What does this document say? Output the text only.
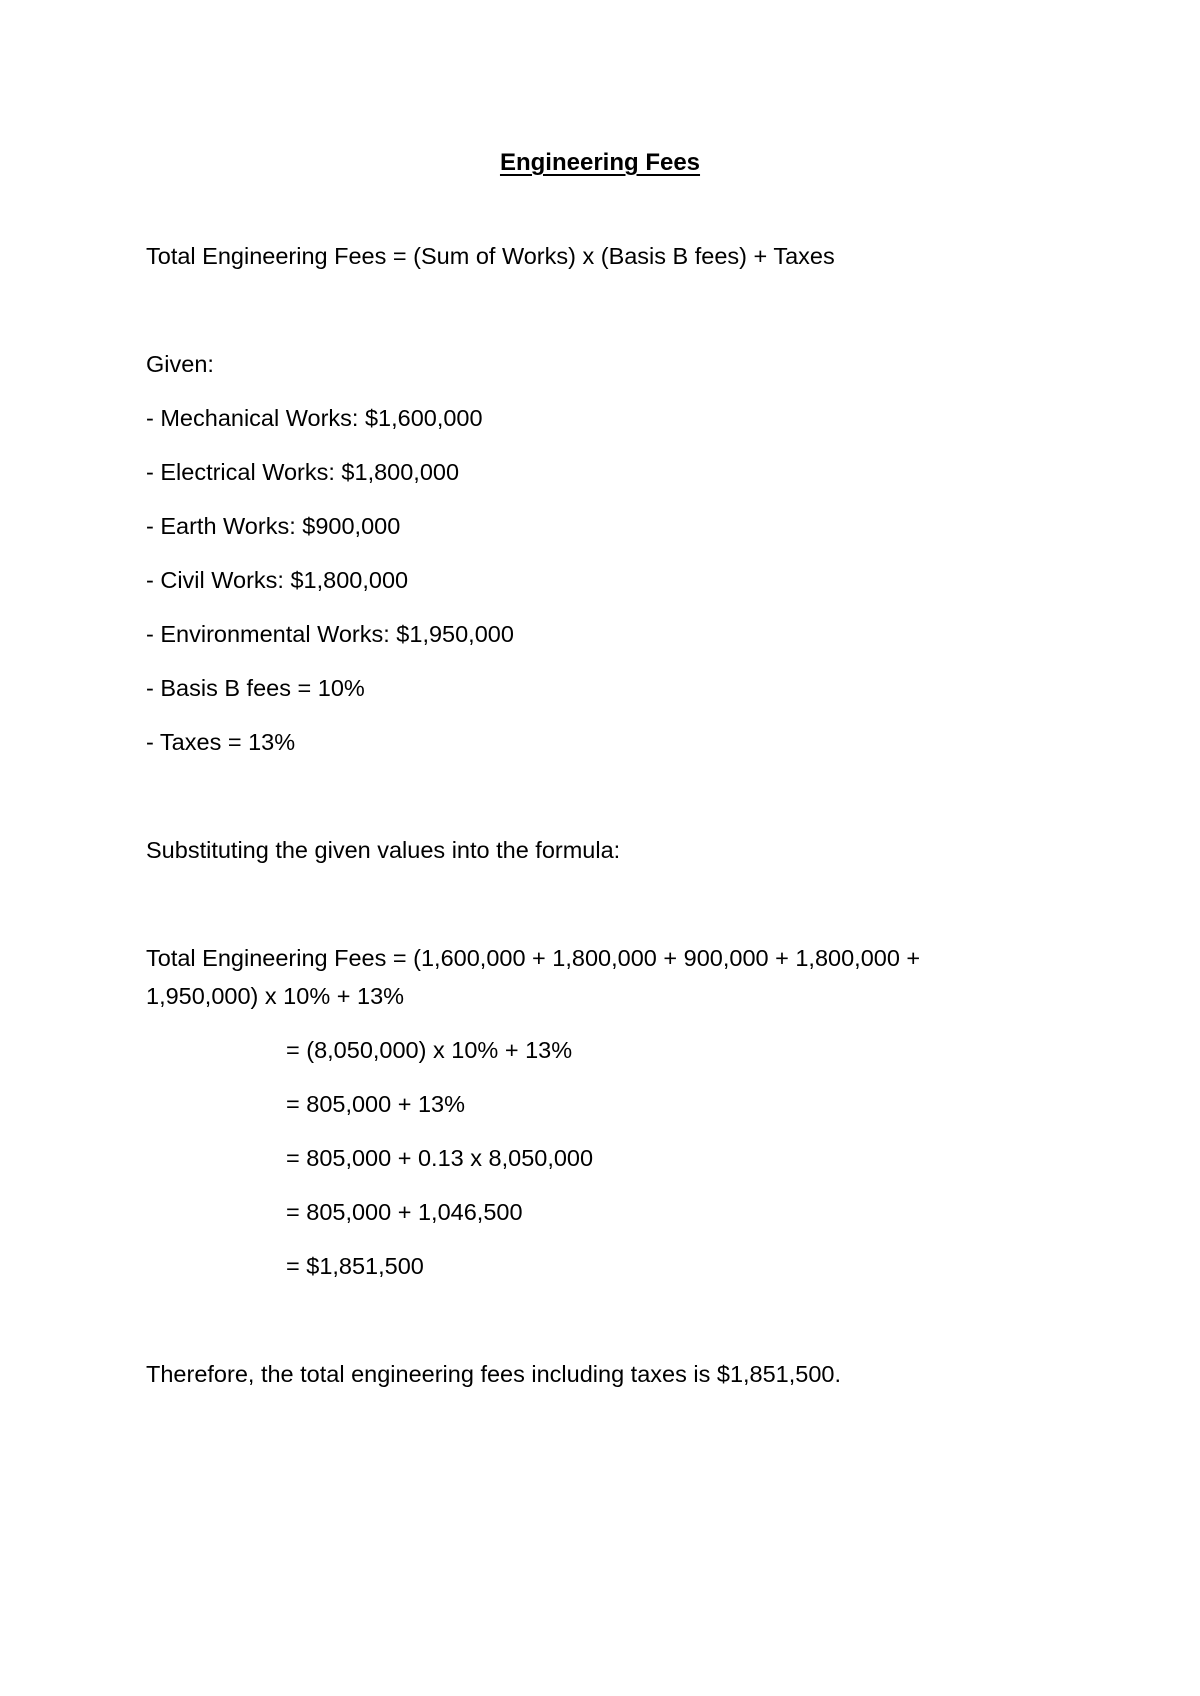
Engineering Fees
Total Engineering Fees = (Sum of Works) x (Basis B fees) + Taxes
Given:
- Mechanical Works: $1,600,000
- Electrical Works: $1,800,000
- Earth Works: $900,000
- Civil Works: $1,800,000
- Environmental Works: $1,950,000
- Basis B fees = 10%
- Taxes = 13%
Substituting the given values into the formula:
Total Engineering Fees = (1,600,000 + 1,800,000 + 900,000 + 1,800,000 +
1,950,000) x 10% + 13%
= (8,050,000) x 10% + 13%
= 805,000 + 13%
= 805,000 + 0.13 x 8,050,000
= 805,000 + 1,046,500
= $1,851,500
Therefore, the total engineering fees including taxes is $1,851,500.
